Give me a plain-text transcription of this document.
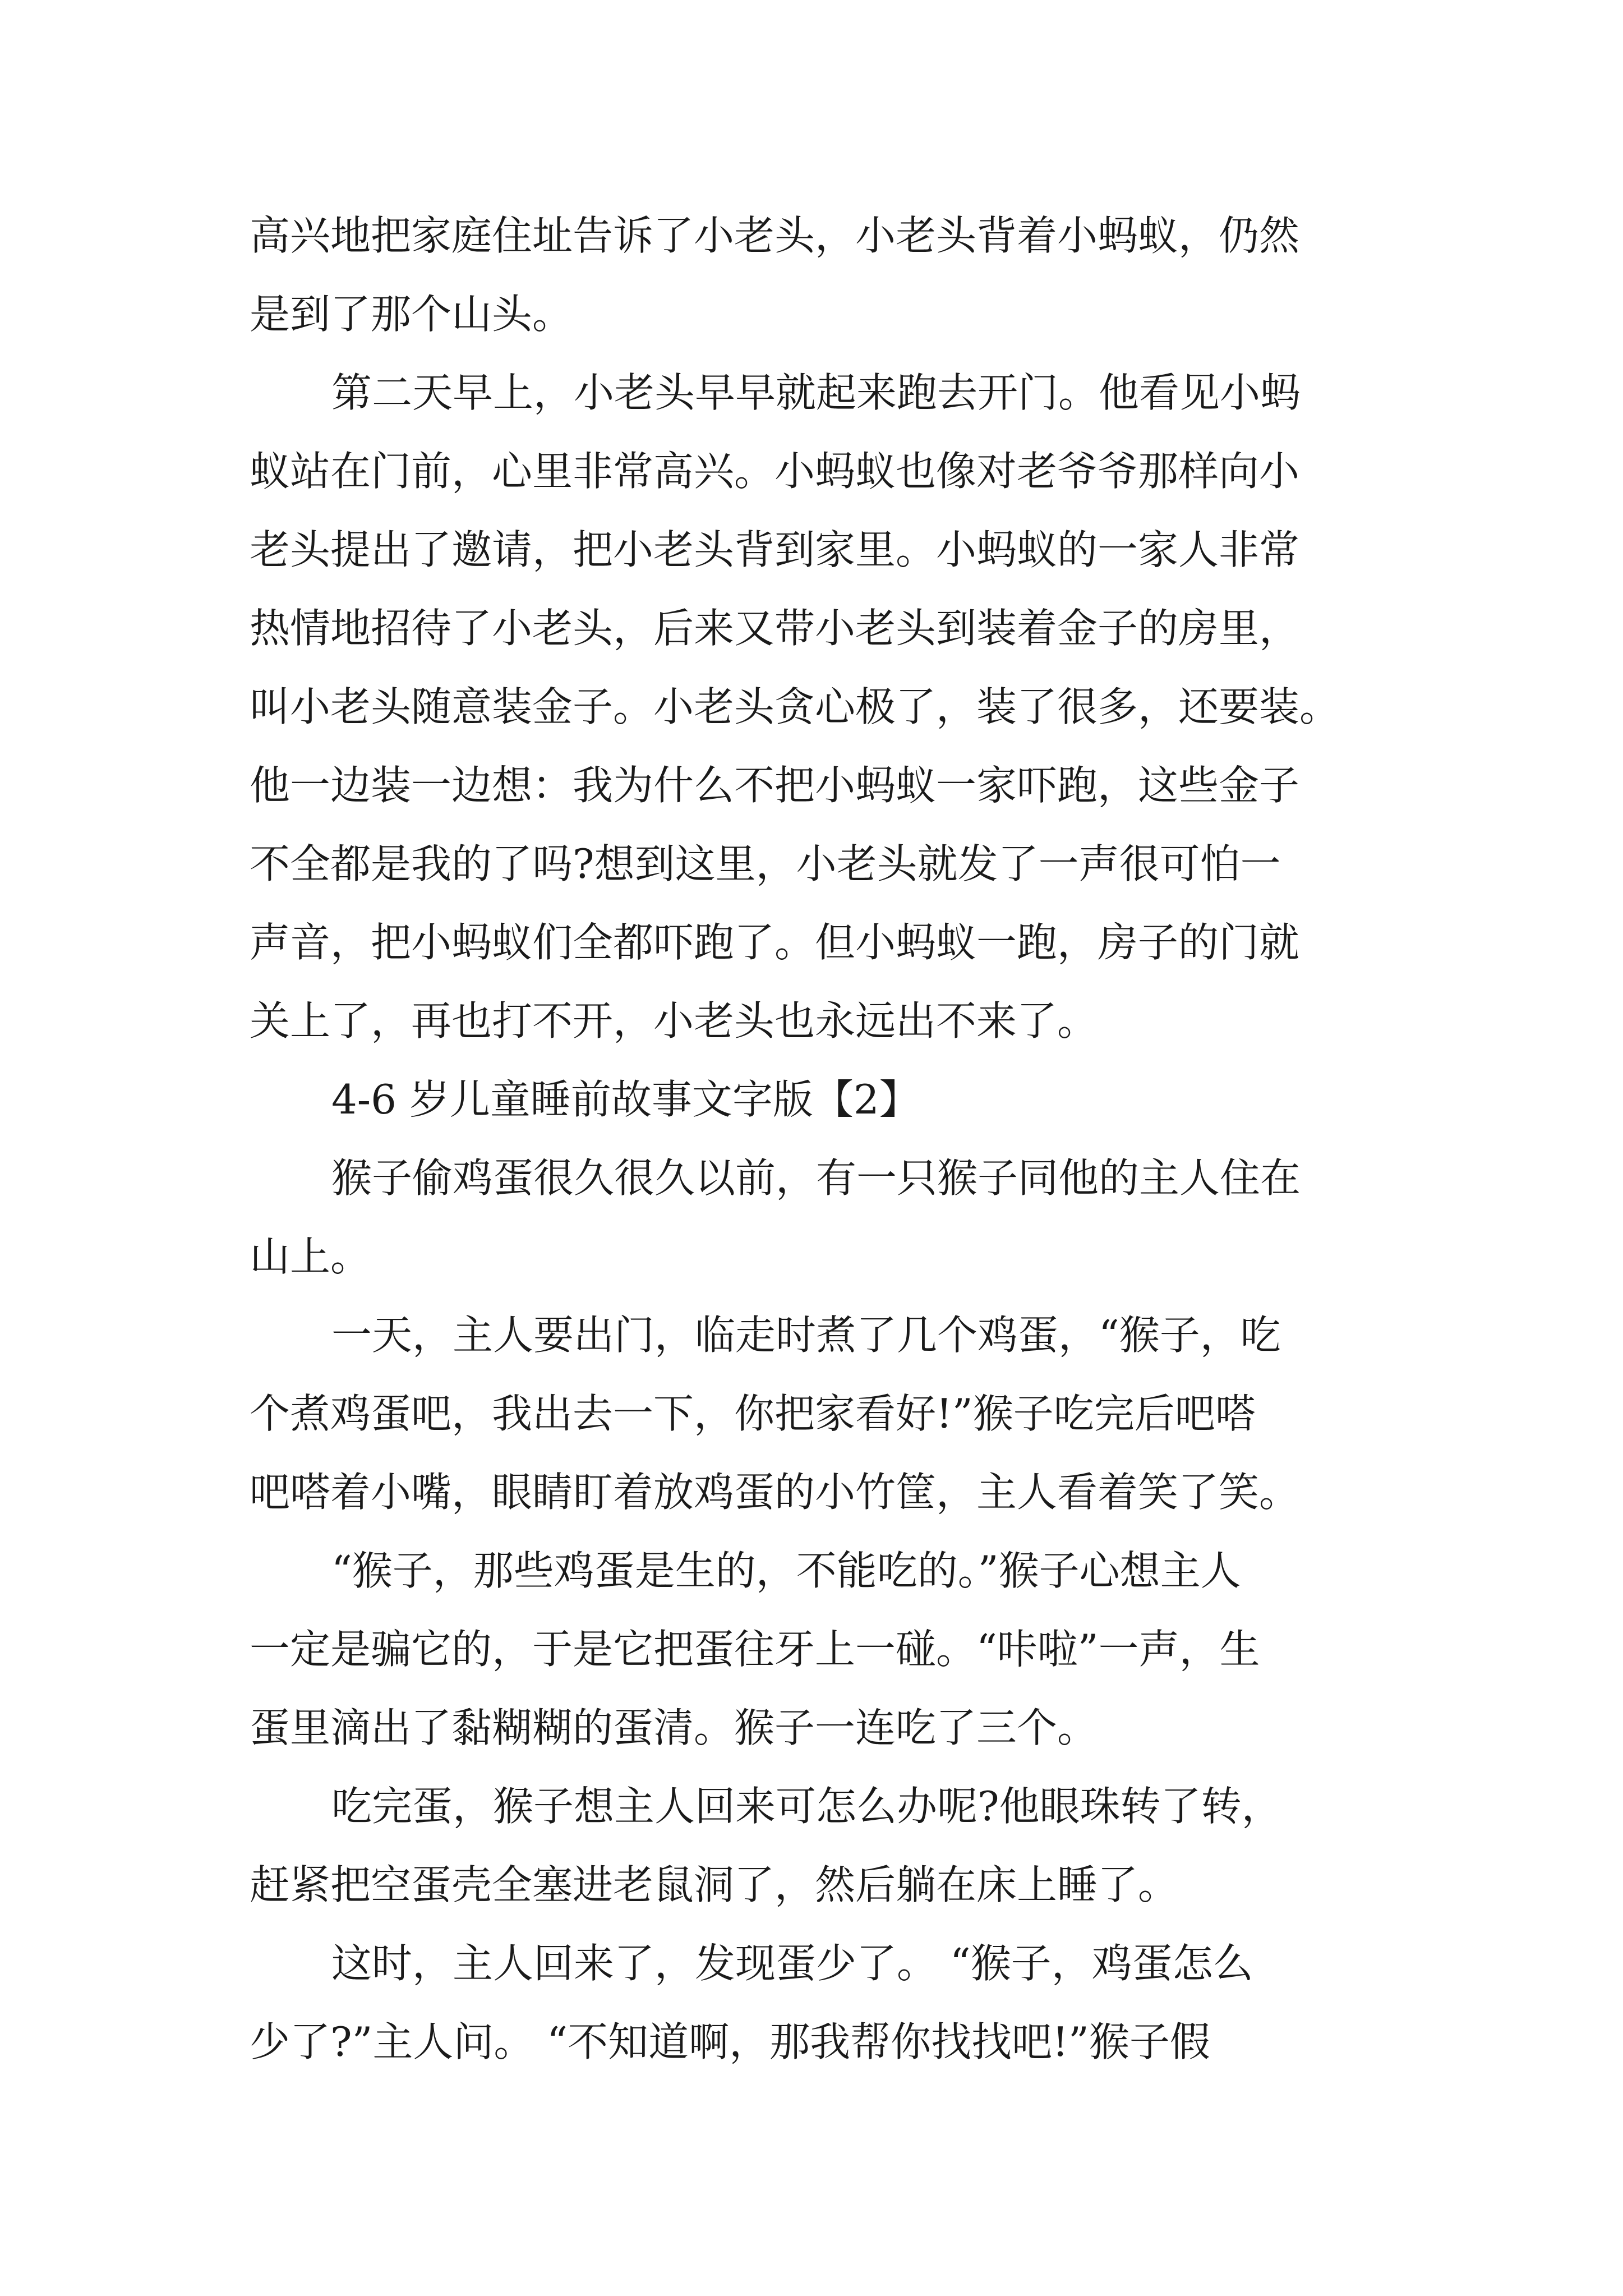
高兴地把家庭住址告诉了小老头，小老头背着小蚂蚁，仍然
是到了那个山头。
第二天早上，小老头早早就起来跑去开门。他看见小蚂
蚁站在门前，心里非常高兴。小蚂蚁也像对老爷爷那样向小
老头提出了邀请，把小老头背到家里。小蚂蚁的一家人非常
热情地招待了小老头，后来又带小老头到装着金子的房里，
叫小老头随意装金子。小老头贪心极了，装了很多，还要装。
他一边装一边想：我为什么不把小蚂蚁一家吓跑，这些金子
不全都是我的了吗?想到这里，小老头就发了一声很可怕一
声音，把小蚂蚁们全都吓跑了。但小蚂蚁一跑，房子的门就
关上了，再也打不开，小老头也永远出不来了。
4-6 岁儿童睡前故事文字版【2】
猴子偷鸡蛋很久很久以前，有一只猴子同他的主人住在
山上。
一天，主人要出门，临走时煮了几个鸡蛋，“猴子，吃
个煮鸡蛋吧，我出去一下，你把家看好!”猴子吃完后吧嗒
吧嗒着小嘴，眼睛盯着放鸡蛋的小竹筐，主人看着笑了笑。
“猴子，那些鸡蛋是生的，不能吃的。”猴子心想主人
一定是骗它的，于是它把蛋往牙上一碰。“咔啦”一声，生
蛋里滴出了黏糊糊的蛋清。猴子一连吃了三个。
吃完蛋，猴子想主人回来可怎么办呢?他眼珠转了转，
赶紧把空蛋壳全塞进老鼠洞了，然后躺在床上睡了。
这时，主人回来了，发现蛋少了。 “猴子，鸡蛋怎么
少了?”主人问。 “不知道啊，那我帮你找找吧!”猴子假
